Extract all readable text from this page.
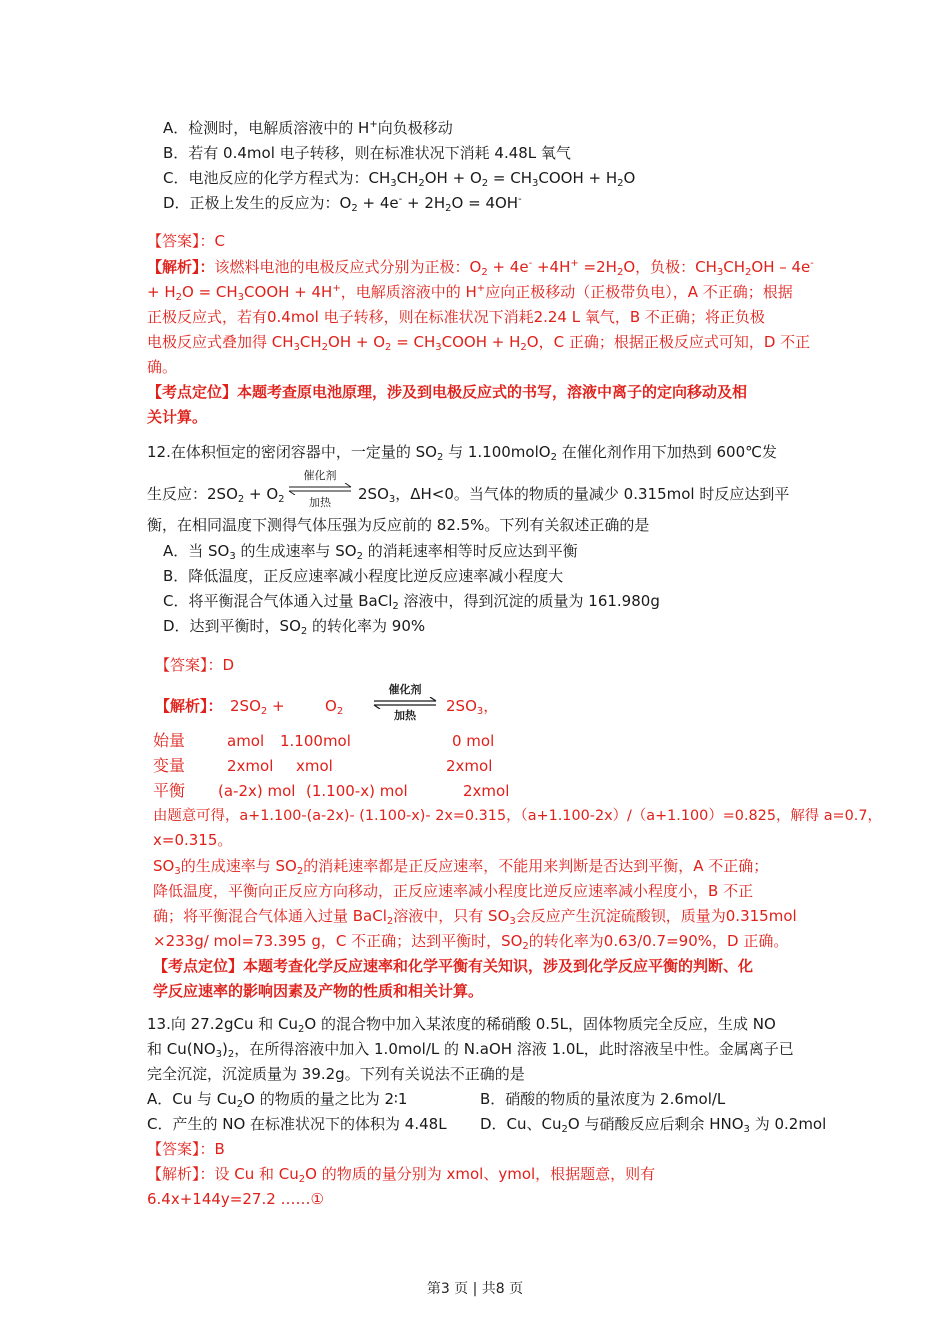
A．检测时，电解质溶液中的 H+向负极移动
B．若有 0.4mol 电子转移，则在标准状况下消耗 4.48L 氧气
C．电池反应的化学方程式为：$CH_3CH_2OH + O_2$ = $CH_3COOH + H_2O$
D．正极上发生的反应为：$O_2 + 4e^- + 2H_2O = 4OH^-$
【答案】：C
【解析】：该燃料电池的电极反应式分别为正极：$O_2 + 4e^- +4H^+ =2H_2O$，负极：$CH_3CH_2OH - 4e^-$
+ $H_2O$ = $CH_3COOH + 4H^+$，电解质溶液中的 H+应向正极移动（正极带负电），A 不正确；根据
正极反应式，若有0.4mol 电子转移，则在标准状况下消耗2.24 L 氧气，B 不正确；将正负极
电极反应式叠加得 $CH_3CH_2OH + O_2$ = $CH_3COOH + H_2O$，C 正确；根据正极反应式可知，D 不正
确。
【考点定位】本题考查原电池原理，涉及到电极反应式的书写，溶液中离子的定向移动及相
关计算。
12.在体积恒定的密闭容器中，一定量的 $SO_2$ 与 1.100molO$_2$ 在催化剂作用下加热到 600℃发
生反应：$2SO_2 + O_2$
催化剂
加热	$2SO_3$，ΔH<0。当气体的物质的量减少 0.315mol 时反应达到平
衡，在相同温度下测得气体压强为反应前的 82.5%。下列有关叙述正确的是
A．当 $SO_3$ 的生成速率与 $SO_2$ 的消耗速率相等时反应达到平衡
B．降低温度，正反应速率减小程度比逆反应速率减小程度大
C．将平衡混合气体通入过量 BaCl$_2$ 溶液中，得到沉淀的质量为 161.980g
D．达到平衡时，$SO_2$ 的转化率为 90%
【答案】：D
【解析】： $2SO_2$ +	$O_2$
催化剂
加热
$2SO_3$，
始量	amol 1.100mol	0 mol
变量	2xmol xmol	2xmol
平衡 (a-2x) mol (1.100-x) mol	2xmol
由题意可得，a+1.100-(a-2x)- (1.100-x)- 2x=0.315，（a+1.100-2x）/（a+1.100）=0.825，解得 a=0.7，
x=0.315。
$SO_3$的生成速率与 $SO_2$的消耗速率都是正反应速率，不能用来判断是否达到平衡，A 不正确；
降低温度，平衡向正反应方向移动，正反应速率减小程度比逆反应速率减小程度小，B 不正
确；将平衡混合气体通入过量 BaCl$_2$溶液中，只有 $SO_3$会反应产生沉淀硫酸钡，质量为0.315mol
×233g/ mol=73.395 g，C 不正确；达到平衡时，$SO_2$的转化率为0.63/0.7=90%，D 正确。
【考点定位】本题考查化学反应速率和化学平衡有关知识，涉及到化学反应平衡的判断、化
学反应速率的影响因素及产物的性质和相关计算。
13.向 27.2gCu 和 $Cu_2O$ 的混合物中加入某浓度的稀硝酸 0.5L，固体物质完全反应，生成 NO
和 $Cu(NO_3)_2$，在所得溶液中加入 1.0mol/L 的 N.aOH 溶液 1.0L，此时溶液呈中性。金属离子已
完全沉淀，沉淀质量为 39.2g。下列有关说法不正确的是
A．Cu 与 $Cu_2O$ 的物质的量之比为 2∶1	B．硝酸的物质的量浓度为 2.6mol/L
C．产生的 NO 在标准状况下的体积为 4.48L D．Cu、$Cu_2O$ 与硝酸反应后剩余 $HNO_3$ 为 0.2mol
【答案】：B
【解析】：设 Cu 和 $Cu_2O$ 的物质的量分别为 xmol、ymol，根据题意，则有
6.4x+144y=27.2 ……①
第3 页 | 共8 页
